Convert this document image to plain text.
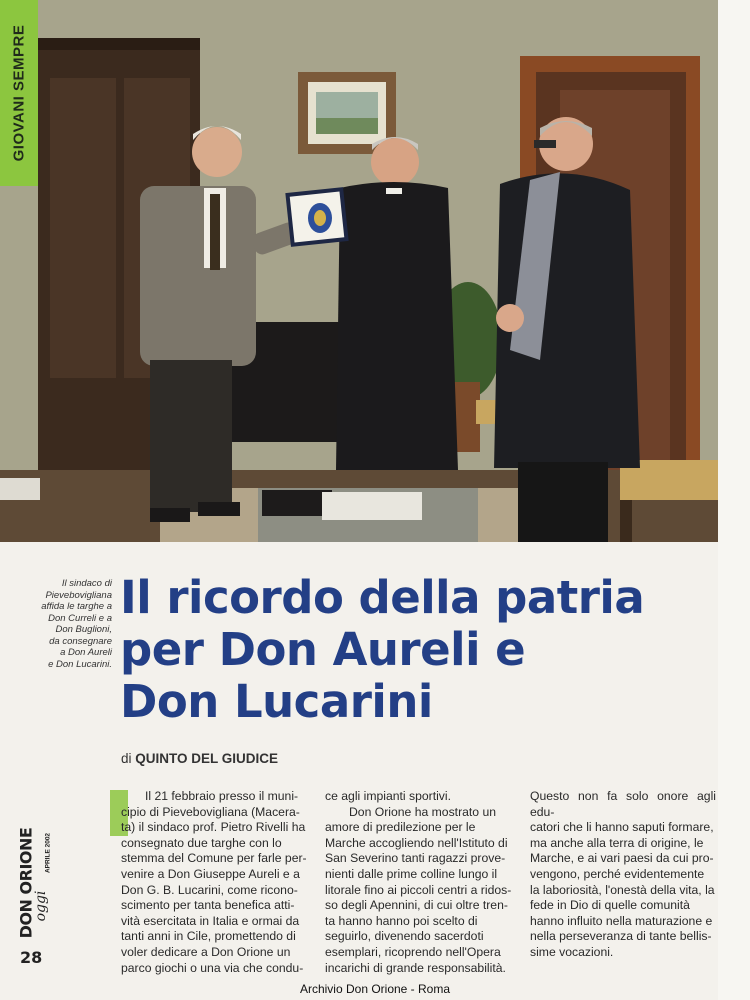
GIOVANI SEMPRE

Il sindaco di

Pievebovigliana

affida le targhe a

Don Curreli e a

Don Buglioni,

da consegnare

a Don Aureli

e Don Lucarini.

Il ricordo della patria
per Don Aureli e
Don Lucarini
di QUINTO DEL GIUDICE

Il 21 febbraio presso il muni-

cipio di Pievebovigliana (Macera-

ta) il sindaco prof. Pietro Rivelli ha

consegnato due targhe con lo

stemma del Comune per farle per-

venire a Don Giuseppe Aureli e a

Don G. B. Lucarini, come ricono-

scimento per tanta benefica atti-

vità esercitata in Italia e ormai da

tanti anni in Cile, promettendo di

voler dedicare a Don Orione un

parco giochi o una via che condu-

ce agli impianti sportivi.

Don Orione ha mostrato un

amore di predilezione per le

Marche accogliendo nell'Istituto di

San Severino tanti ragazzi prove-

nienti dalle prime colline lungo il

litorale fino ai piccoli centri a ridos-

so degli Apennini, di cui oltre tren-

ta hanno hanno poi scelto di

seguirlo, divenendo sacerdoti

esemplari, ricoprendo nell'Opera

incarichi di grande responsabilità.

Questo non fa solo onore agli edu-

catori che li hanno saputi formare,

ma anche alla terra di origine, le

Marche, e ai vari paesi da cui pro-

vengono, perché evidentemente

la laboriosità, l'onestà della vita, la

fede in Dio di quelle comunità

hanno influito nella maturazione e

nella perseveranza di tante bellis-

sime vocazioni.

DON ORIONE
oggi
APRILE 2002
28
Archivio Don Orione - Roma
